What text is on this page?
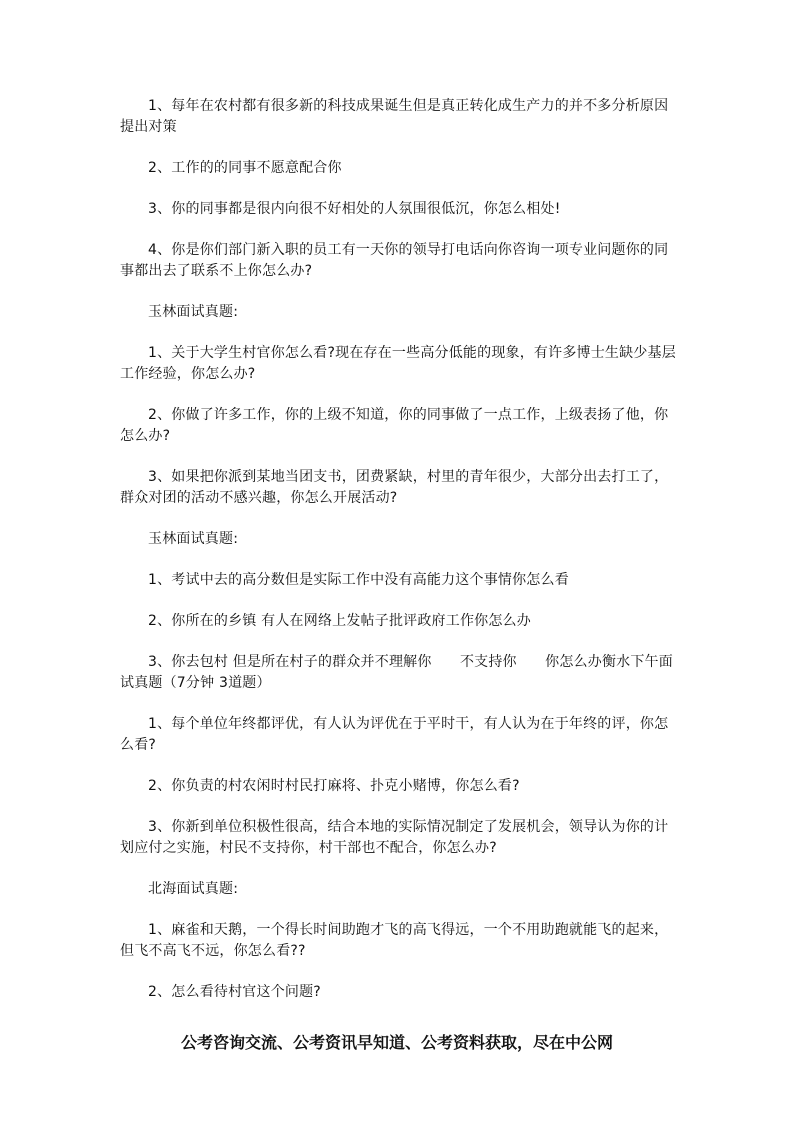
1、每年在农村都有很多新的科技成果诞生但是真正转化成生产力的并不多分析原因提出对策

2、工作的的同事不愿意配合你

3、你的同事都是很内向很不好相处的人氛围很低沉，你怎么相处!

4、你是你们部门新入职的员工有一天你的领导打电话向你咨询一项专业问题你的同事都出去了联系不上你怎么办?

玉林面试真题:

1、关于大学生村官你怎么看?现在存在一些高分低能的现象，有许多博士生缺少基层工作经验，你怎么办?

2、你做了许多工作，你的上级不知道，你的同事做了一点工作，上级表扬了他，你怎么办?

3、如果把你派到某地当团支书，团费紧缺，村里的青年很少，大部分出去打工了，群众对团的活动不感兴趣，你怎么开展活动?

玉林面试真题:

1、考试中去的高分数但是实际工作中没有高能力这个事情你怎么看

2、你所在的乡镇 有人在网络上发帖子批评政府工作你怎么办

3、你去包村 但是所在村子的群众并不理解你　　不支持你　　你怎么办衡水下午面试真题（7分钟 3道题）

1、每个单位年终都评优，有人认为评优在于平时干，有人认为在于年终的评，你怎么看?

2、你负责的村农闲时村民打麻将、扑克小赌博，你怎么看?

3、你新到单位积极性很高，结合本地的实际情况制定了发展机会，领导认为你的计划应付之实施，村民不支持你，村干部也不配合，你怎么办?

北海面试真题:

1、麻雀和天鹅，一个得长时间助跑才飞的高飞得远，一个不用助跑就能飞的起来，但飞不高飞不远，你怎么看??

2、怎么看待村官这个问题?

公考咨询交流、公考资讯早知道、公考资料获取，尽在中公网
